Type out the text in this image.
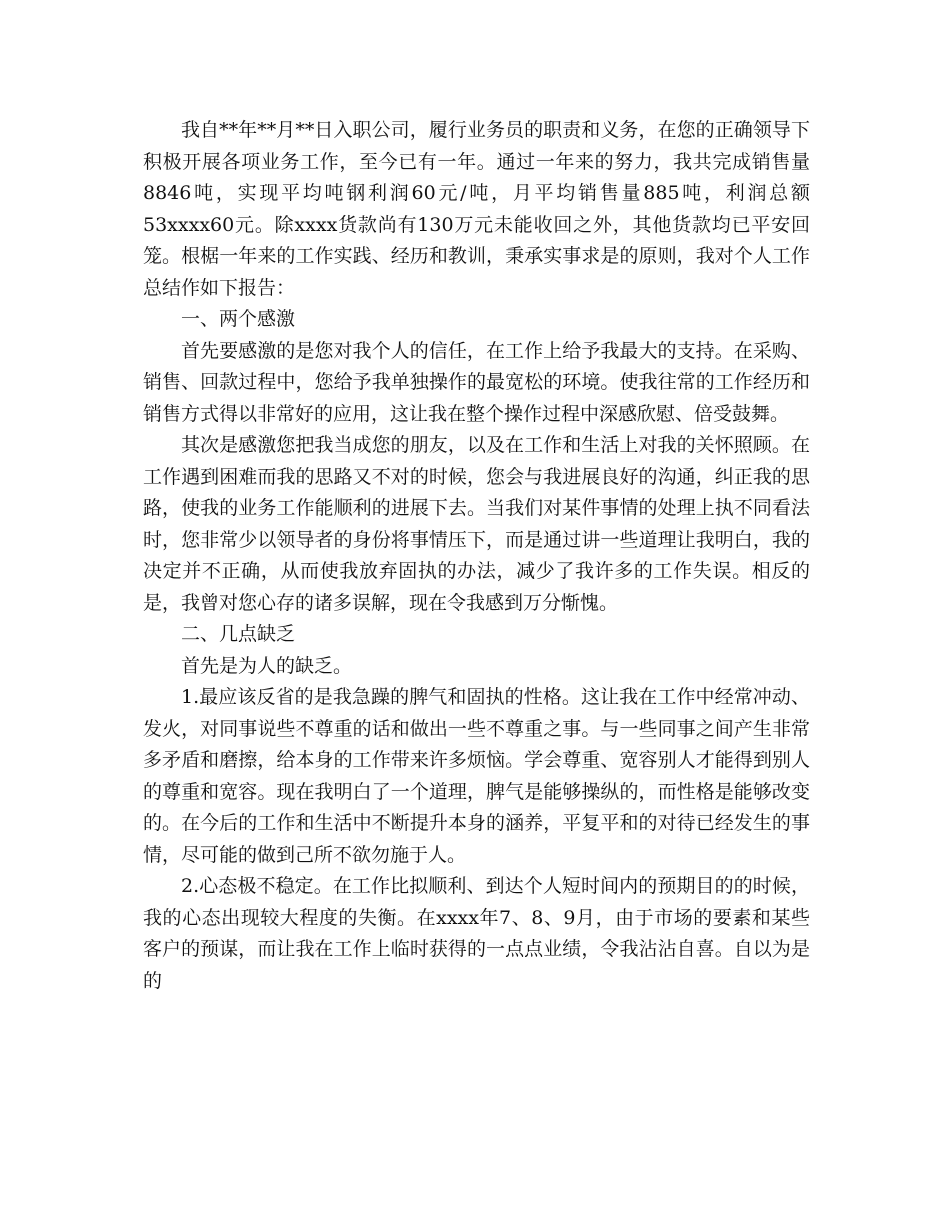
我自**年**月**日入职公司，履行业务员的职责和义务，在您的正确领导下积极开展各项业务工作，至今已有一年。通过一年来的努力，我共完成销售量8846吨，实现平均吨钢利润60元/吨，月平均销售量885吨，利润总额53xxxx60元。除xxxx货款尚有130万元未能收回之外，其他货款均已平安回笼。根椐一年来的工作实践、经历和教训，秉承实事求是的原则，我对个人工作总结作如下报告：

一、两个感激

首先要感激的是您对我个人的信任，在工作上给予我最大的支持。在采购、销售、回款过程中，您给予我单独操作的最宽松的环境。使我往常的工作经历和销售方式得以非常好的应用，这让我在整个操作过程中深感欣慰、倍受鼓舞。

其次是感激您把我当成您的朋友，以及在工作和生活上对我的关怀照顾。在工作遇到困难而我的思路又不对的时候，您会与我进展良好的沟通，纠正我的思路，使我的业务工作能顺利的进展下去。当我们对某件事情的处理上执不同看法时，您非常少以领导者的身份将事情压下，而是通过讲一些道理让我明白，我的决定并不正确，从而使我放弃固执的办法，减少了我许多的工作失误。相反的是，我曾对您心存的诸多误解，现在令我感到万分惭愧。

二、几点缺乏

首先是为人的缺乏。

1.最应该反省的是我急躁的脾气和固执的性格。这让我在工作中经常冲动、发火，对同事说些不尊重的话和做出一些不尊重之事。与一些同事之间产生非常多矛盾和磨擦，给本身的工作带来许多烦恼。学会尊重、宽容别人才能得到别人的尊重和宽容。现在我明白了一个道理，脾气是能够操纵的，而性格是能够改变的。在今后的工作和生活中不断提升本身的涵养，平复平和的对待已经发生的事情，尽可能的做到己所不欲勿施于人。

2.心态极不稳定。在工作比拟顺利、到达个人短时间内的预期目的的时候，我的心态出现较大程度的失衡。在xxxx年7、8、9月，由于市场的要素和某些客户的预谋，而让我在工作上临时获得的一点点业绩，令我沾沾自喜。自以为是的
